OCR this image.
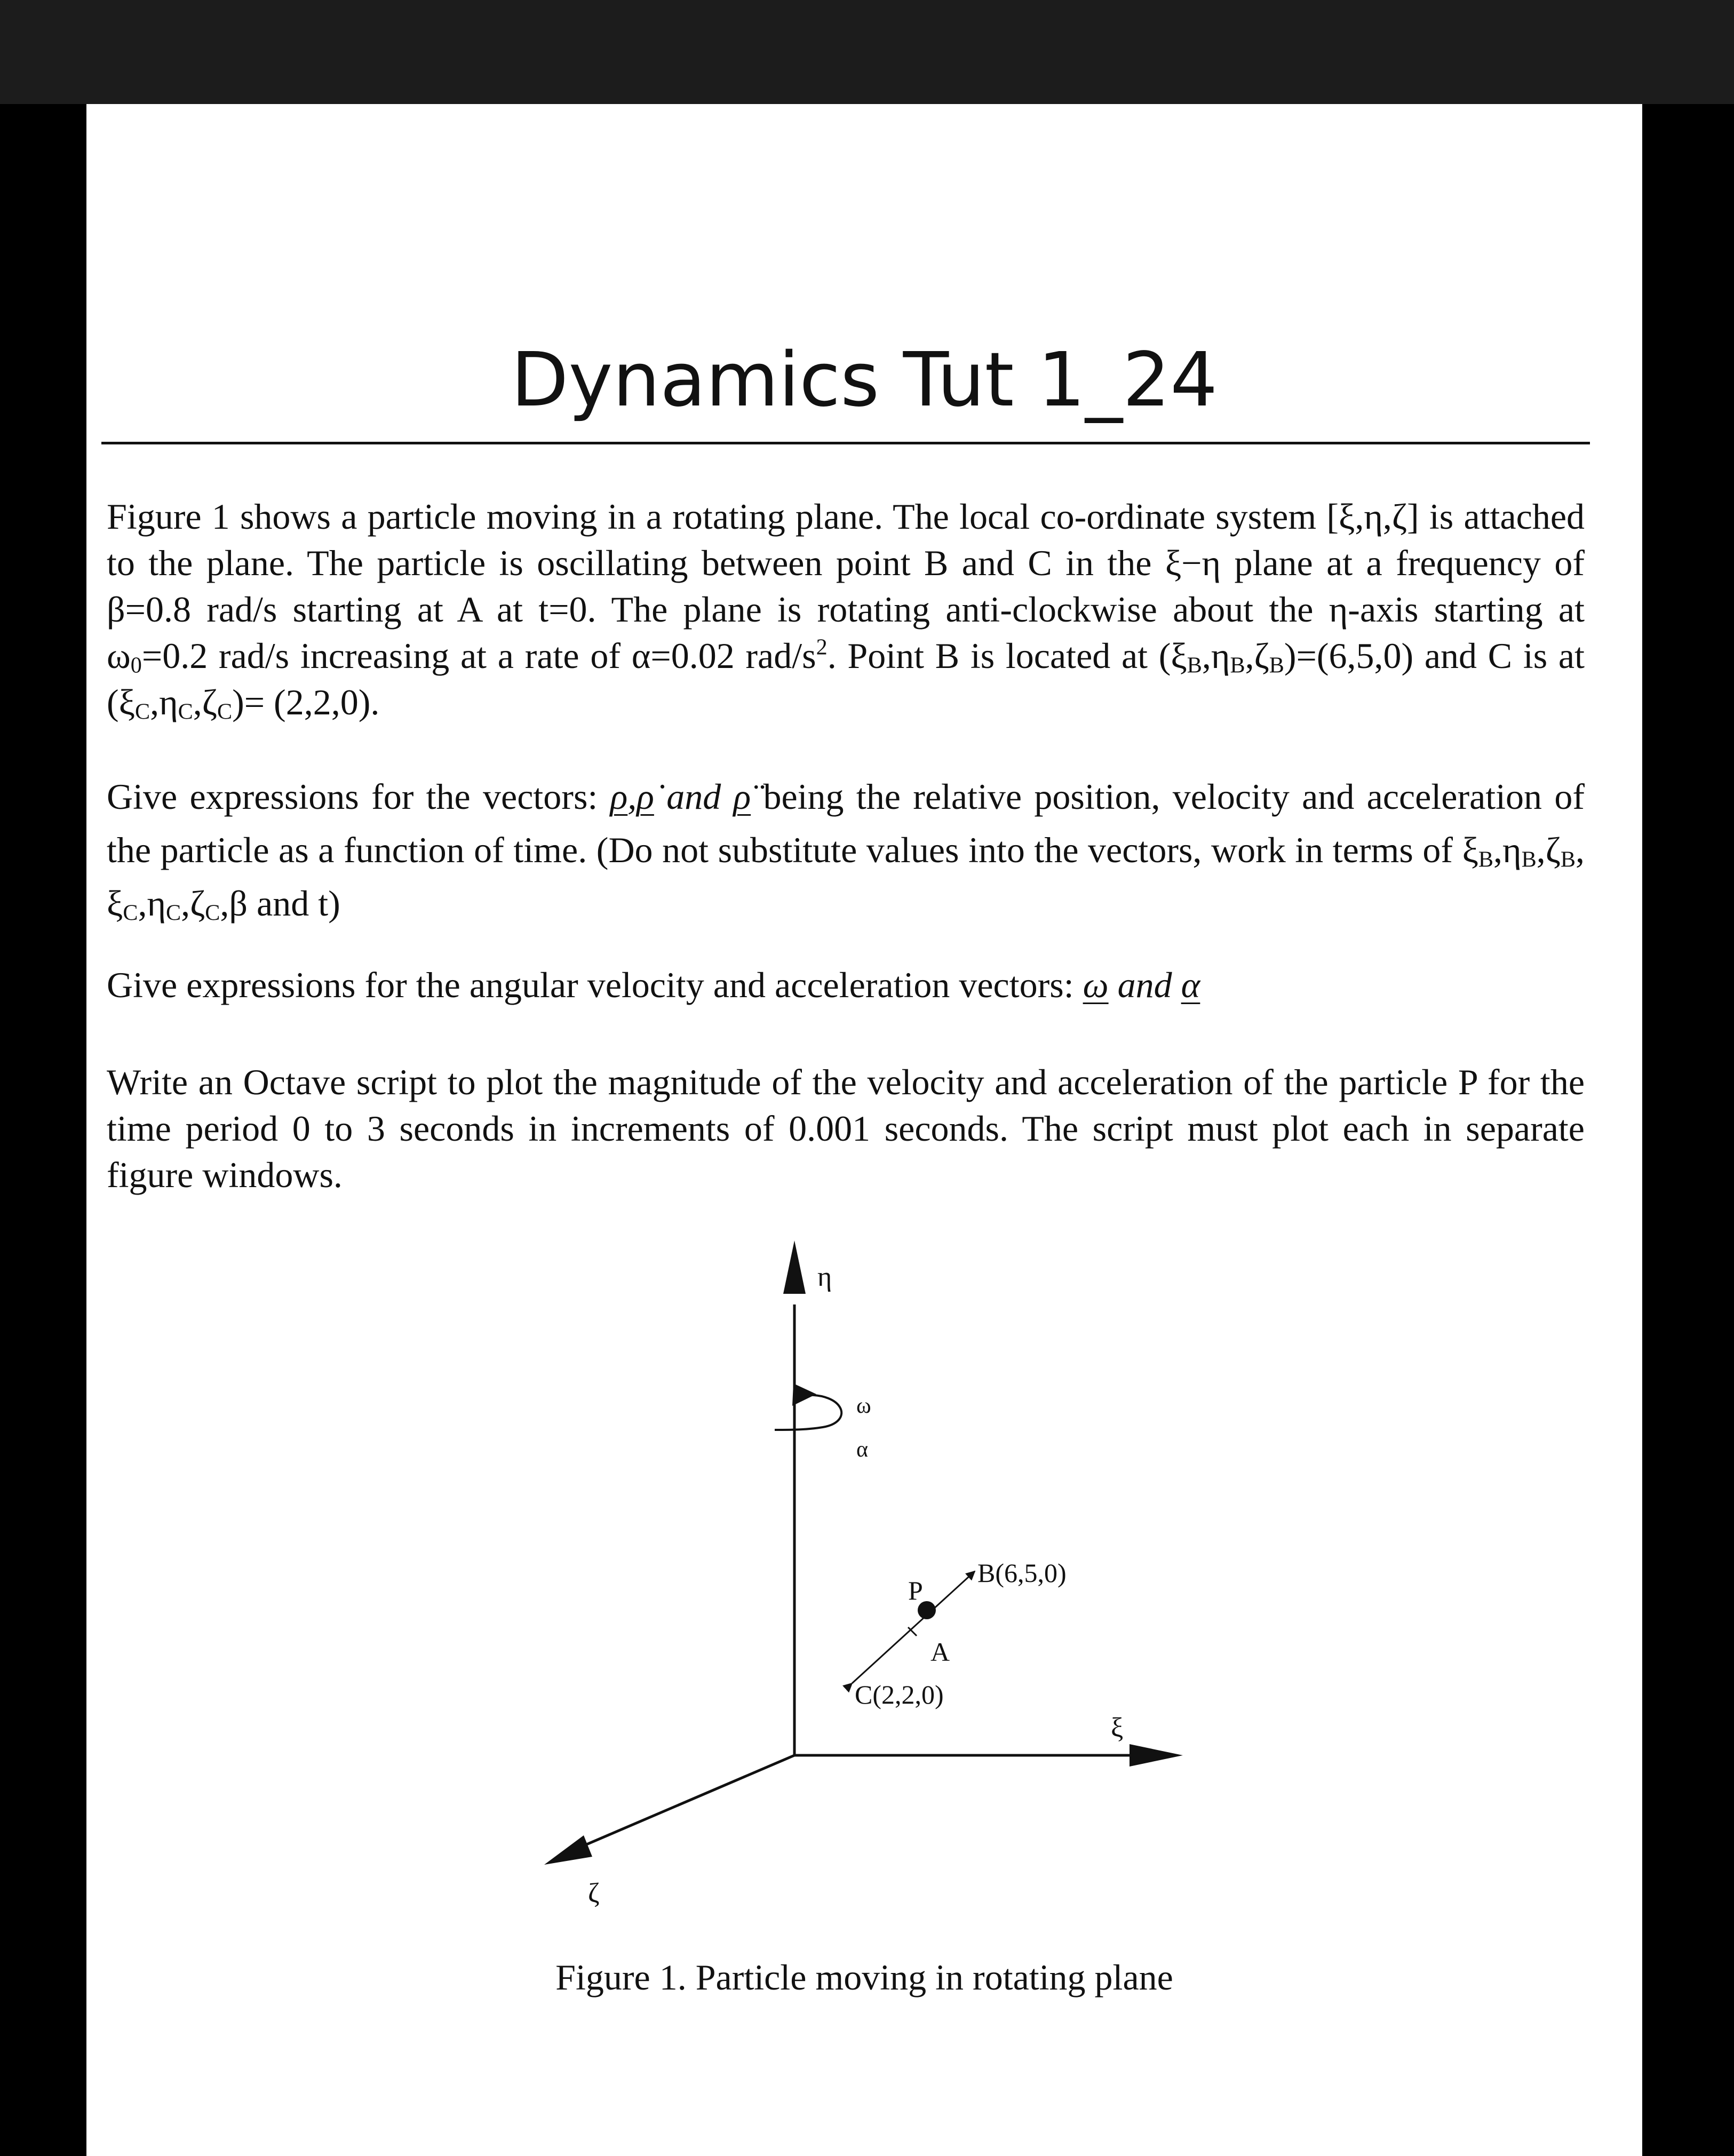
Dynamics Tut 1_24
Figure 1 shows a particle moving in a rotating plane. The local co-ordinate system [ξ,η,ζ] is attached to the plane. The particle is oscillating between point B and C in the ξ−η plane at a frequency of β=0.8 rad/s starting at A at t=0. The plane is rotating anti-clockwise about the η-axis starting at $\omega_0=0.2$ rad/s increasing at a rate of α=0.02 rad/$s^2$. Point B is located at $(\xi_B,\eta_B,\zeta_B)=(6,5,0)$ and C is at $(\xi_C,\eta_C,\zeta_C)= (2,2,0)$.
Give expressions for the vectors: ρ,ρ̇ and ρ̈ being the relative position, velocity and acceleration of the particle as a function of time. (Do not substitute values into the vectors, work in terms of $\xi_B,\eta_B,\zeta_B$, $\xi_C,\eta_C,\zeta_C,\beta$ and t)
Give expressions for the angular velocity and acceleration vectors: ω and α
Write an Octave script to plot the magnitude of the velocity and acceleration of the particle P for the time period 0 to 3 seconds in increments of 0.001 seconds. The script must plot each in separate figure windows.
η
ω
α
B(6,5,0)
P
A
C(2,2,0)
ξ
ζ
Figure 1. Particle moving in rotating plane
